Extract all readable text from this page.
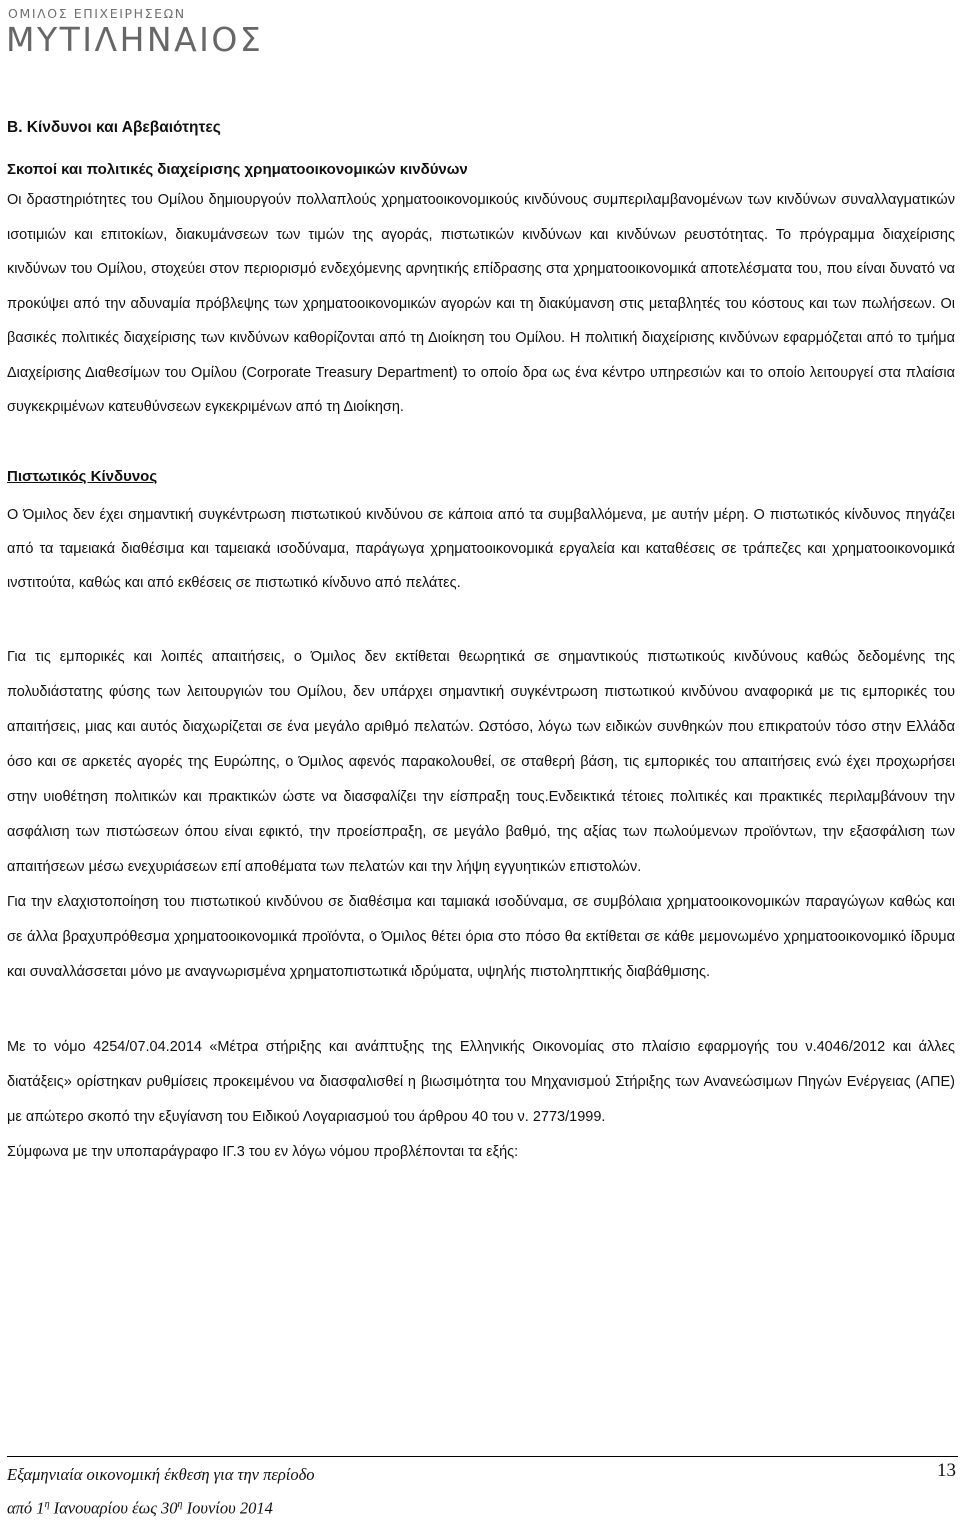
ΟΜΙΛΟΣ ΕΠΙΧΕΙΡΗΣΕΩΝ
ΜΥΤΙΛΗΝΑΙΟΣ
B. Κίνδυνοι και Αβεβαιότητες
Σκοποί και πολιτικές διαχείρισης χρηματοοικονομικών κινδύνων

Οι δραστηριότητες του Ομίλου δημιουργούν πολλαπλούς χρηματοοικονομικούς κινδύνους συμπεριλαμβανομένων των κινδύνων συναλλαγματικών ισοτιμιών και επιτοκίων, διακυμάνσεων των τιμών της αγοράς, πιστωτικών κινδύνων και κινδύνων ρευστότητας. Το πρόγραμμα διαχείρισης κινδύνων του Ομίλου, στοχεύει στον περιορισμό ενδεχόμενης αρνητικής επίδρασης στα χρηματοοικονομικά αποτελέσματα του, που είναι δυνατό να προκύψει από την αδυναμία πρόβλεψης των χρηματοοικονομικών αγορών και τη διακύμανση στις μεταβλητές του κόστους και των πωλήσεων. Οι βασικές πολιτικές διαχείρισης των κινδύνων καθορίζονται από τη Διοίκηση του Ομίλου. Η πολιτική διαχείρισης κινδύνων εφαρμόζεται από το τμήμα Διαχείρισης Διαθεσίμων του Ομίλου (Corporate Treasury Department) το οποίο δρα ως ένα κέντρο υπηρεσιών και το οποίο λειτουργεί στα πλαίσια συγκεκριμένων κατευθύνσεων εγκεκριμένων από τη Διοίκηση.

Πιστωτικός Κίνδυνος

Ο Όμιλος δεν έχει σημαντική συγκέντρωση πιστωτικού κινδύνου σε κάποια από τα συμβαλλόμενα, με αυτήν μέρη. Ο πιστωτικός κίνδυνος πηγάζει από τα ταμειακά διαθέσιμα και ταμειακά ισοδύναμα, παράγωγα χρηματοοικονομικά εργαλεία και καταθέσεις σε τράπεζες και χρηματοοικονομικά ινστιτούτα, καθώς και από εκθέσεις σε πιστωτικό κίνδυνο από πελάτες.

Για τις εμπορικές και λοιπές απαιτήσεις, ο Όμιλος δεν εκτίθεται θεωρητικά σε σημαντικούς πιστωτικούς κινδύνους καθώς δεδομένης της πολυδιάστατης φύσης των λειτουργιών του Ομίλου, δεν υπάρχει σημαντική συγκέντρωση πιστωτικού κινδύνου αναφορικά με τις εμπορικές του απαιτήσεις, μιας και αυτός διαχωρίζεται σε ένα μεγάλο αριθμό πελατών. Ωστόσο, λόγω των ειδικών συνθηκών που επικρατούν τόσο στην Ελλάδα όσο και σε αρκετές αγορές της Ευρώπης, ο Όμιλος αφενός παρακολουθεί, σε σταθερή βάση, τις εμπορικές του απαιτήσεις ενώ έχει προχωρήσει στην υιοθέτηση πολιτικών και πρακτικών ώστε να διασφαλίζει την είσπραξη τους.Ενδεικτικά τέτοιες πολιτικές και πρακτικές περιλαμβάνουν την ασφάλιση των πιστώσεων όπου είναι εφικτό, την προείσπραξη, σε μεγάλο βαθμό, της αξίας των πωλούμενων προϊόντων, την εξασφάλιση των απαιτήσεων μέσω ενεχυριάσεων επί αποθέματα των πελατών και την λήψη εγγυητικών επιστολών.

Για την ελαχιστοποίηση του πιστωτικού κινδύνου σε διαθέσιμα και ταμιακά ισοδύναμα, σε συμβόλαια χρηματοοικονομικών παραγώγων καθώς και σε άλλα βραχυπρόθεσμα χρηματοοικονομικά προϊόντα, ο Όμιλος θέτει όρια στο πόσο θα εκτίθεται σε κάθε μεμονωμένο χρηματοοικονομικό ίδρυμα και συναλλάσσεται μόνο με αναγνωρισμένα χρηματοπιστωτικά ιδρύματα, υψηλής πιστοληπτικής διαβάθμισης.

Με το νόμο 4254/07.04.2014 «Μέτρα στήριξης και ανάπτυξης της Ελληνικής Οικονομίας στο πλαίσιο εφαρμογής του ν.4046/2012 και άλλες διατάξεις» ορίστηκαν ρυθμίσεις προκειμένου να διασφαλισθεί η βιωσιμότητα του Μηχανισμού Στήριξης των Ανανεώσιμων Πηγών Ενέργειας (ΑΠΕ) με απώτερο σκοπό την εξυγίανση του Ειδικού Λογαριασμού του άρθρου 40 του ν. 2773/1999.

Σύμφωνα με την υποπαράγραφο ΙΓ.3 του εν λόγω νόμου προβλέπονται τα εξής:

Εξαμηνιαία οικονομική έκθεση για την περίοδο
από $1^\eta$ Ιανουαρίου έως $30^\eta$ Ιουνίου 2014
13
